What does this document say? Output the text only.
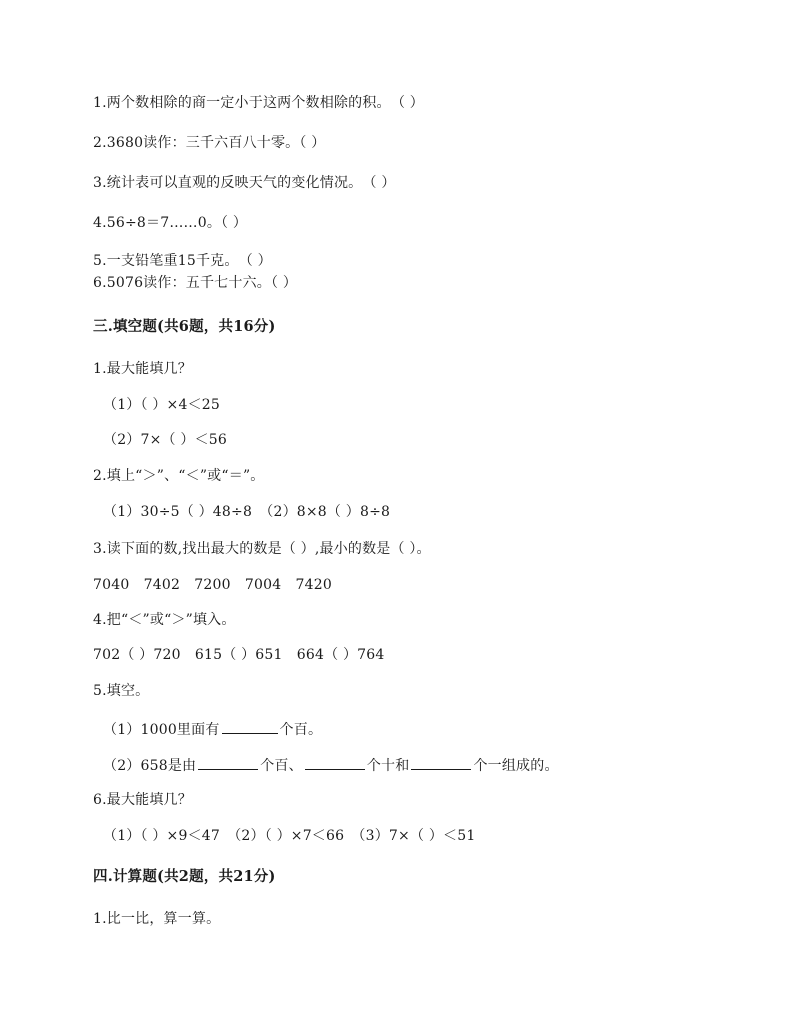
1.两个数相除的商一定小于这两个数相除的积。　（ ）
2.3680读作：三千六百八十零。（ ）
3.统计表可以直观的反映天气的变化情况。　（ ）
4.56÷8＝7……0。（ ）
5.一支铅笔重15千克。　（ ）
6.5076读作：五千七十六。（ ）
三.填空题(共6题，共16分)
1.最大能填几？
（1）（ ）×4＜25
（2）7×（ ）＜56
2.填上“＞”、“＜”或“＝”。
（1）30÷5（ ）48÷8　（2）8×8（ ）8÷8
3.读下面的数,找出最大的数是（ ）,最小的数是（ ）。
7040　7402　7200　7004　7420
4.把“＜”或“＞”填入。
702（ ）720　615（ ）651　664（ ）764
5.填空。
（1）1000里面有	个百。
（2）658是由	个百、	个十和	个一组成的。
6.最大能填几？
（1）（ ）×9＜47　（2）（ ）×7＜66　（3）7×（ ）＜51
四.计算题(共2题，共21分)
1.比一比，算一算。
